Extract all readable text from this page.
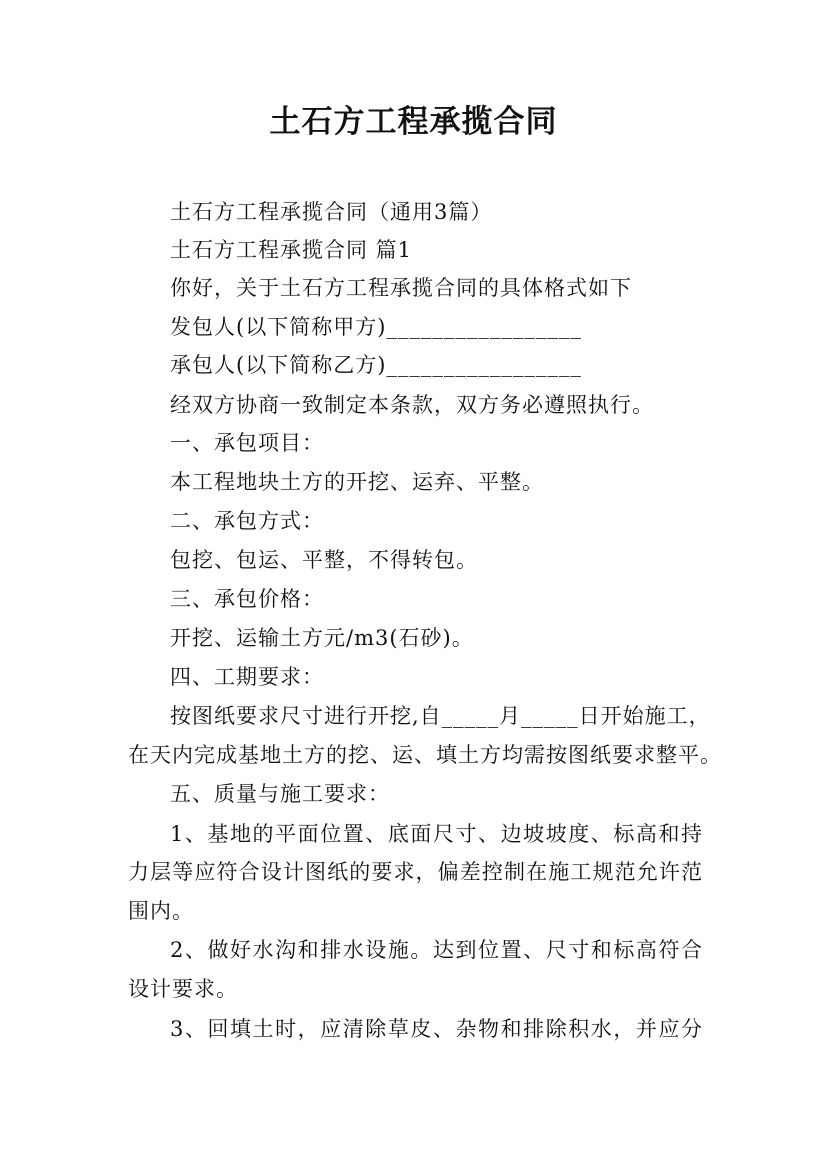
土石方工程承揽合同
土石方工程承揽合同（通用3篇）
土石方工程承揽合同 篇1
你好，关于土石方工程承揽合同的具体格式如下
发包人(以下简称甲方)_________________
承包人(以下简称乙方)_________________
经双方协商一致制定本条款，双方务必遵照执行。
一、承包项目：
本工程地块土方的开挖、运弃、平整。
二、承包方式：
包挖、包运、平整，不得转包。
三、承包价格：
开挖、运输土方元/m3(石砂)。
四、工期要求：
按图纸要求尺寸进行开挖,自_____月_____日开始施工，
在天内完成基地土方的挖、运、填土方均需按图纸要求整平。
五、质量与施工要求：
1、基地的平面位置、底面尺寸、边坡坡度、标高和持
力层等应符合设计图纸的要求，偏差控制在施工规范允许范
围内。
2、做好水沟和排水设施。达到位置、尺寸和标高符合
设计要求。
3、回填土时，应清除草皮、杂物和排除积水，并应分
